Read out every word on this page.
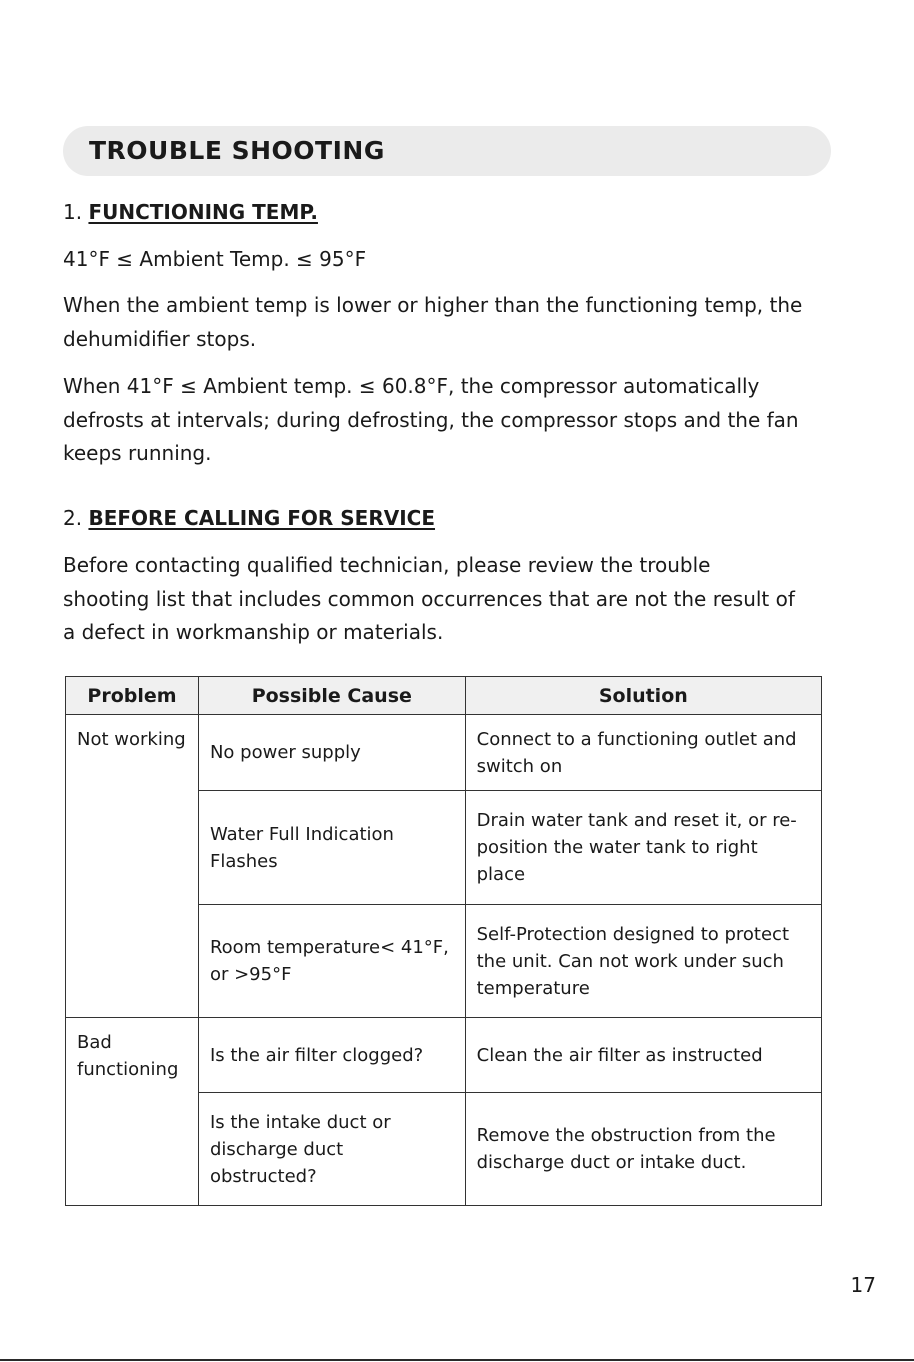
TROUBLE SHOOTING
1. FUNCTIONING TEMP.

41°F ≤ Ambient Temp. ≤ 95°F

When the ambient temp is lower or higher than the functioning temp, the dehumidifier stops.

When 41°F ≤ Ambient temp. ≤ 60.8°F, the compressor automatically defrosts at intervals; during defrosting, the compressor stops and the fan keeps running.

2. BEFORE CALLING FOR SERVICE

Before contacting qualified technician, please review the trouble shooting list that includes common occurrences that are not the result of a defect in workmanship or materials.

Problem	Possible Cause	Solution
Not working	No power supply	Connect to a functioning outlet and switch on
	Water Full Indication Flashes	Drain water tank and reset it, or re-position the water tank to right place
	Room temperature< 41°F, or >95°F	Self-Protection designed to protect the unit. Can not work under such temperature
Bad functioning	Is the air filter clogged?	Clean the air filter as instructed
	Is the intake duct or discharge duct obstructed?	Remove the obstruction from the discharge duct or intake duct.
17
